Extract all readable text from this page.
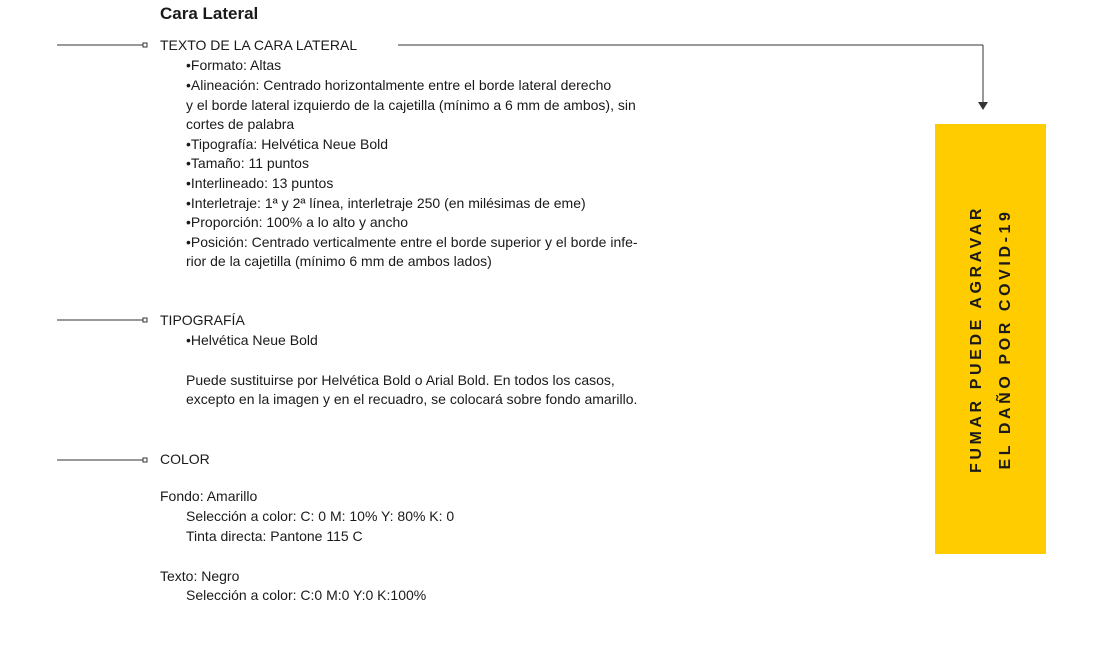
Cara Lateral
TEXTO DE LA CARA LATERAL
•Formato: Altas
•Alineación: Centrado horizontalmente entre el borde lateral derecho
y el borde lateral izquierdo de la cajetilla (mínimo a 6 mm de ambos), sin
cortes de palabra
•Tipografía: Helvética Neue Bold
•Tamaño: 11 puntos
•Interlineado: 13 puntos
•Interletraje: 1ª y 2ª línea, interletraje 250 (en milésimas de eme)
•Proporción: 100% a lo alto y ancho
•Posición: Centrado verticalmente entre el borde superior y el borde infe-
rior de la cajetilla (mínimo 6 mm de ambos lados)
TIPOGRAFÍA
•Helvética Neue Bold
Puede sustituirse por Helvética Bold o Arial Bold. En todos los casos,
excepto en la imagen y en el recuadro, se colocará sobre fondo amarillo.
COLOR
Fondo: Amarillo
Selección a color: C: 0 M: 10% Y: 80% K: 0
Tinta directa: Pantone 115 C
Texto: Negro
Selección a color: C:0 M:0 Y:0 K:100%
FUMAR PUEDE AGRAVAR EL DAÑO POR COVID-19
